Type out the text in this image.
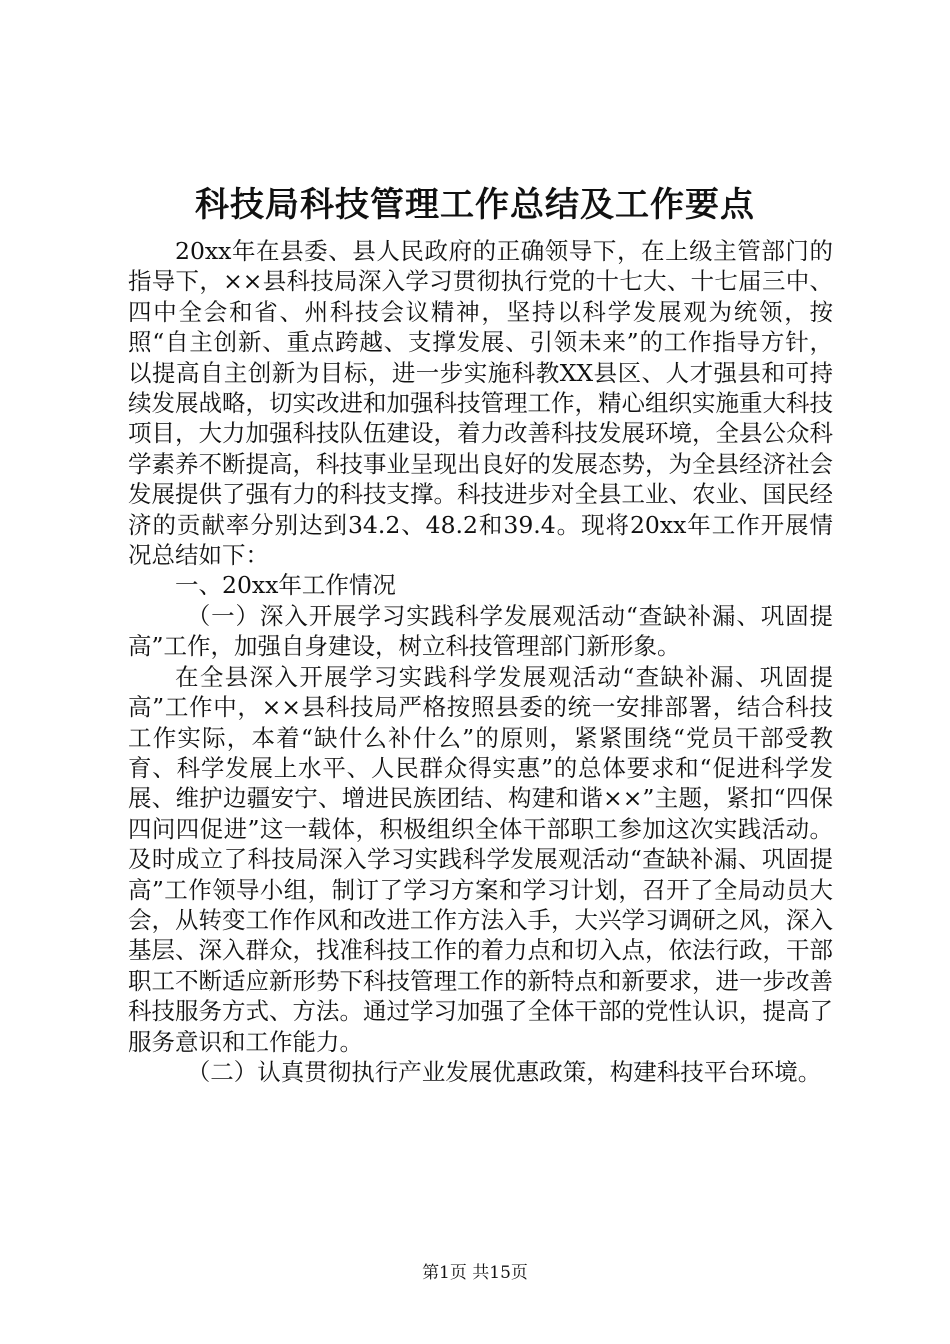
科技局科技管理工作总结及工作要点

20xx年在县委、县人民政府的正确领导下，在上级主管部门的指导下，××县科技局深入学习贯彻执行党的十七大、十七届三中、四中全会和省、州科技会议精神，坚持以科学发展观为统领，按照“自主创新、重点跨越、支撑发展、引领未来”的工作指导方针，以提高自主创新为目标，进一步实施科教XX县区、人才强县和可持续发展战略，切实改进和加强科技管理工作，精心组织实施重大科技项目，大力加强科技队伍建设，着力改善科技发展环境，全县公众科学素养不断提高，科技事业呈现出良好的发展态势，为全县经济社会发展提供了强有力的科技支撑。科技进步对全县工业、农业、国民经济的贡献率分别达到34.2、48.2和39.4。现将20xx年工作开展情况总结如下：

一、20xx年工作情况

（一）深入开展学习实践科学发展观活动“查缺补漏、巩固提高”工作，加强自身建设，树立科技管理部门新形象。

在全县深入开展学习实践科学发展观活动“查缺补漏、巩固提高”工作中，××县科技局严格按照县委的统一安排部署，结合科技工作实际，本着“缺什么补什么”的原则，紧紧围绕“党员干部受教育、科学发展上水平、人民群众得实惠”的总体要求和“促进科学发展、维护边疆安宁、增进民族团结、构建和谐××”主题，紧扣“四保四问四促进”这一载体，积极组织全体干部职工参加这次实践活动。及时成立了科技局深入学习实践科学发展观活动“查缺补漏、巩固提高”工作领导小组，制订了学习方案和学习计划，召开了全局动员大会，从转变工作作风和改进工作方法入手，大兴学习调研之风，深入基层、深入群众，找准科技工作的着力点和切入点，依法行政，干部职工不断适应新形势下科技管理工作的新特点和新要求，进一步改善科技服务方式、方法。通过学习加强了全体干部的党性认识，提高了服务意识和工作能力。

（二）认真贯彻执行产业发展优惠政策，构建科技平台环境。

第1页 共15页
